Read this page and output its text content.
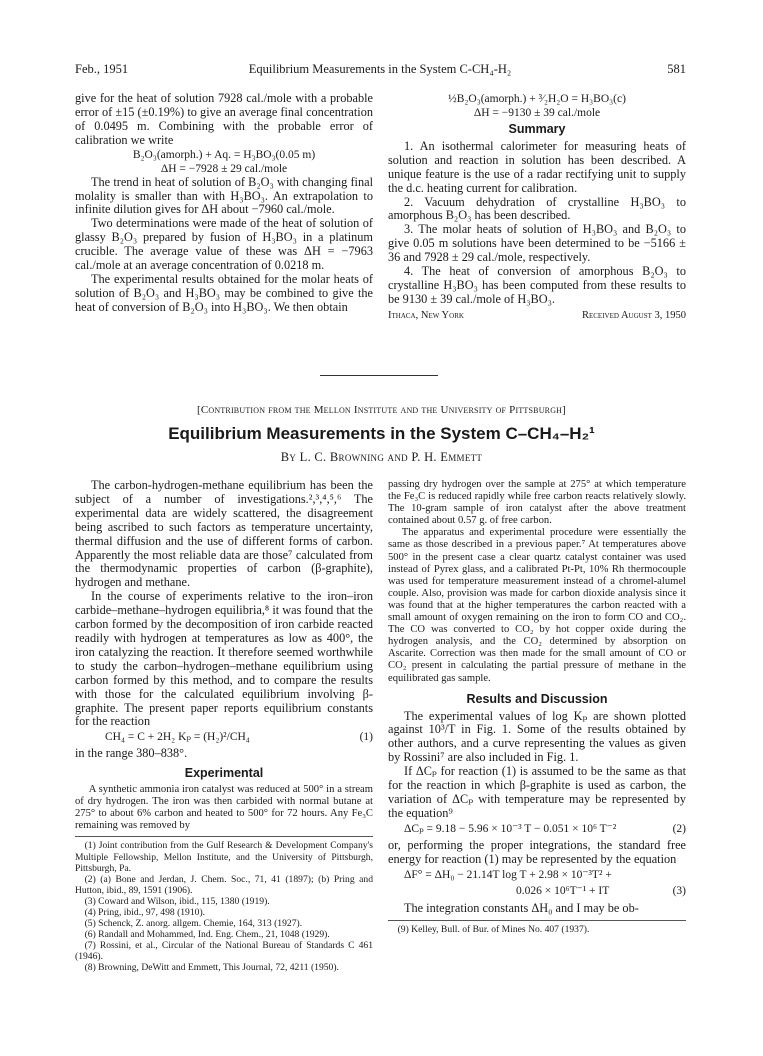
Feb., 1951	Equilibrium Measurements in the System C-CH₄-H₂	581

give for the heat of solution 7928 cal./mole with a probable error of ±15 (±0.19%) to give an average final concentration of 0.0495 m. Combining with the probable error of calibration we write

B₂O₃(amorph.) + Aq. = H₃BO₃(0.05 m)

ΔH = −7928 ± 29 cal./mole

The trend in heat of solution of B₂O₃ with changing final molality is smaller than with H₃BO₃. An extrapolation to infinite dilution gives for ΔH about −7960 cal./mole.

Two determinations were made of the heat of solution of glassy B₂O₃ prepared by fusion of H₃BO₃ in a platinum crucible. The average value of these was ΔH = −7963 cal./mole at an average concentration of 0.0218 m.

The experimental results obtained for the molar heats of solution of B₂O₃ and H₃BO₃ may be combined to give the heat of conversion of B₂O₃ into H₃BO₃. We then obtain

½B₂O₃(amorph.) + ³⁄₂H₂O = H₃BO₃(c)

ΔH = −9130 ± 39 cal./mole

Summary

1. An isothermal calorimeter for measuring heats of solution and reaction in solution has been described. A unique feature is the use of a radar rectifying unit to supply the d.c. heating current for calibration.

2. Vacuum dehydration of crystalline H₃BO₃ to amorphous B₂O₃ has been described.

3. The molar heats of solution of H₃BO₃ and B₂O₃ to give 0.05 m solutions have been determined to be −5166 ± 36 and 7928 ± 29 cal./mole, respectively.

4. The heat of conversion of amorphous B₂O₃ to crystalline H₃BO₃ has been computed from these results to be 9130 ± 39 cal./mole of H₃BO₃.

Ithaca, New York	Received August 3, 1950
[Contribution from the Mellon Institute and the University of Pittsburgh]
Equilibrium Measurements in the System C–CH₄–H₂¹
By L. C. Browning and P. H. Emmett

The carbon-hydrogen-methane equilibrium has been the subject of a number of investigations.²,³,⁴,⁵,⁶ The experimental data are widely scattered, the disagreement being ascribed to such factors as temperature uncertainty, thermal diffusion and the use of different forms of carbon. Apparently the most reliable data are those⁷ calculated from the thermodynamic properties of carbon (β-graphite), hydrogen and methane.

In the course of experiments relative to the iron–iron carbide–methane–hydrogen equilibria,⁸ it was found that the carbon formed by the decomposition of iron carbide reacted readily with hydrogen at temperatures as low as 400°, the iron catalyzing the reaction. It therefore seemed worthwhile to study the carbon–hydrogen–methane equilibrium using carbon formed by this method, and to compare the results with those for the calculated equilibrium involving β-graphite. The present paper reports equilibrium constants for the reaction

CH₄ = C + 2H₂ Kₚ = (H₂)²/CH₄	(1)

in the range 380–838°.

Experimental

A synthetic ammonia iron catalyst was reduced at 500° in a stream of dry hydrogen. The iron was then carbided with normal butane at 275° to about 6% carbon and heated to 500° for 72 hours. Any Fe₃C remaining was removed by

(1) Joint contribution from the Gulf Research & Development Company's Multiple Fellowship, Mellon Institute, and the University of Pittsburgh, Pittsburgh, Pa.

(2) (a) Bone and Jerdan, J. Chem. Soc., 71, 41 (1897); (b) Pring and Hutton, ibid., 89, 1591 (1906).

(3) Coward and Wilson, ibid., 115, 1380 (1919).

(4) Pring, ibid., 97, 498 (1910).

(5) Schenck, Z. anorg. allgem. Chemie, 164, 313 (1927).

(6) Randall and Mohammed, Ind. Eng. Chem., 21, 1048 (1929).

(7) Rossini, et al., Circular of the National Bureau of Standards C 461 (1946).

(8) Browning, DeWitt and Emmett, This Journal, 72, 4211 (1950).

passing dry hydrogen over the sample at 275° at which temperature the Fe₃C is reduced rapidly while free carbon reacts relatively slowly. The 10-gram sample of iron catalyst after the above treatment contained about 0.57 g. of free carbon.

The apparatus and experimental procedure were essentially the same as those described in a previous paper.⁷ At temperatures above 500° in the present case a clear quartz catalyst container was used instead of Pyrex glass, and a calibrated Pt-Pt, 10% Rh thermocouple was used for temperature measurement instead of a chromel-alumel couple. Also, provision was made for carbon dioxide analysis since it was found that at the higher temperatures the carbon reacted with a small amount of oxygen remaining on the iron to form CO and CO₂. The CO was converted to CO₂ by hot copper oxide during the hydrogen analysis, and the CO₂ determined by absorption on Ascarite. Correction was then made for the small amount of CO or CO₂ present in calculating the partial pressure of methane in the equilibrated gas sample.

Results and Discussion

The experimental values of log Kₚ are shown plotted against 10³/T in Fig. 1. Some of the results obtained by other authors, and a curve representing the values as given by Rossini⁷ are also included in Fig. 1.

If ΔCₚ for reaction (1) is assumed to be the same as that for the reaction in which β-graphite is used as carbon, the variation of ΔCₚ with temperature may be represented by the equation⁹

ΔCₚ = 9.18 − 5.96 × 10⁻³ T − 0.051 × 10⁶ T⁻²	(2)

or, performing the proper integrations, the standard free energy for reaction (1) may be represented by the equation

ΔF° = ΔH₀ − 21.14T log T + 2.98 × 10⁻³T² +
0.026 × 10⁶T⁻¹ + IT	(3)

The integration constants ΔH₀ and I may be ob-

(9) Kelley, Bull. of Bur. of Mines No. 407 (1937).
